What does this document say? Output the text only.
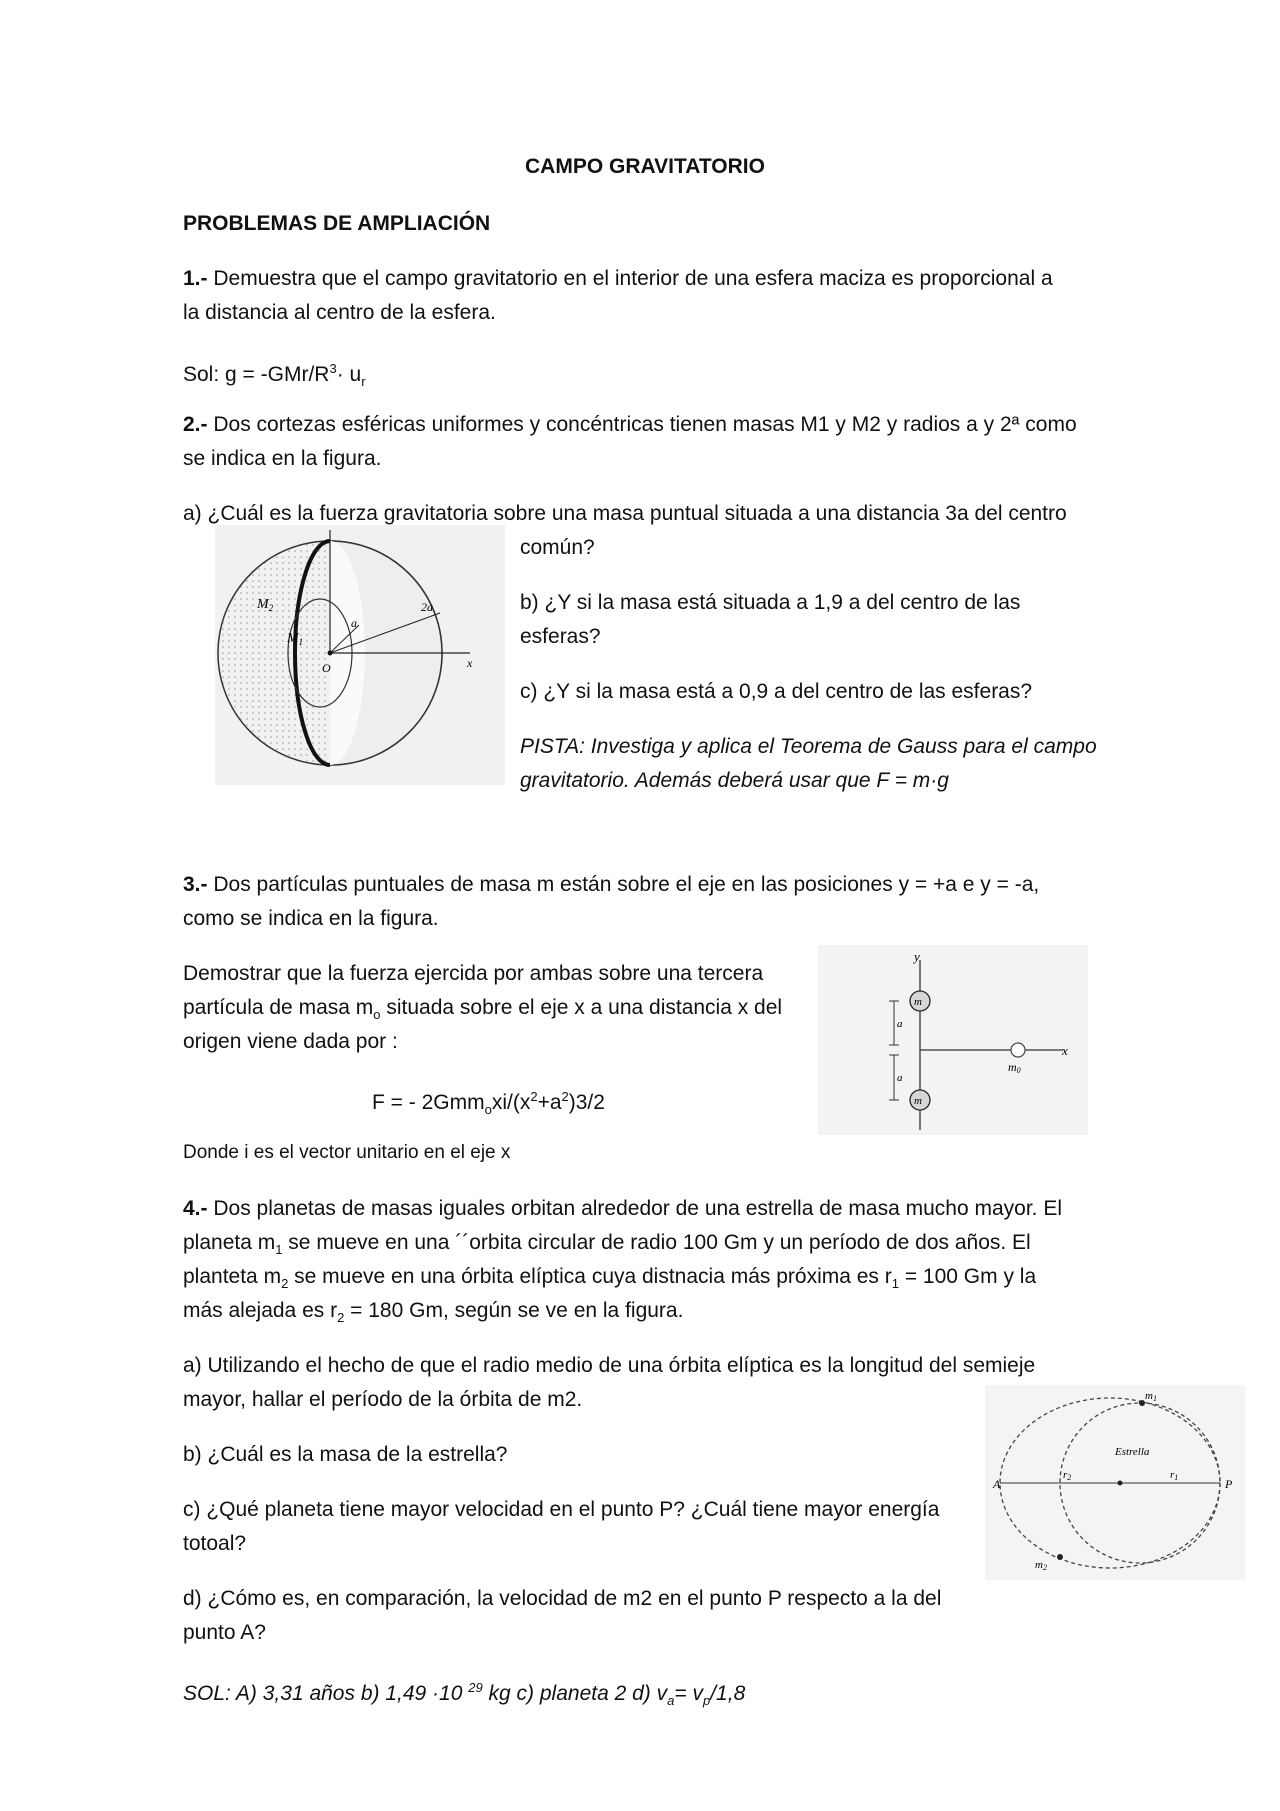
CAMPO GRAVITATORIO
PROBLEMAS DE AMPLIACIÓN
1.- Demuestra que el campo gravitatorio en el interior de una esfera maciza es proporcional a
la distancia al centro de la esfera.
Sol: $g = -GMr/R^3\cdot u_r$
2.- Dos cortezas esféricas uniformes y concéntricas tienen masas M1 y M2 y radios a y 2ª como
se indica en la figura.
a) ¿Cuál es la fuerza gravitatoria sobre una masa puntual situada a una distancia 3a del centro
común?
b) ¿Y si la masa está situada a 1,9 a del centro de las
esferas?
c) ¿Y si la masa está a 0,9 a del centro de las esferas?
PISTA: Investiga y aplica el Teorema de Gauss para el campo
gravitatorio. Además deberá usar que F = m·g
$M_2$
$M_1$
a
2a
O	x
3.- Dos partículas puntuales de masa m están sobre el eje en las posiciones y = +a e y = -a,
como se indica en la figura.
Demostrar que la fuerza ejercida por ambas sobre una tercera
partícula de masa $m_o$ situada sobre el eje x a una distancia x del
origen viene dada por :
F = - $2Gmm_oxi/(x^2+a^2)3/2$
Donde i es el vector unitario en el eje x
y
m
m
a
a
m0
x
4.- Dos planetas de masas iguales orbitan alrededor de una estrella de masa mucho mayor. El
planeta $m_1$ se mueve en una ´´orbita circular de radio 100 Gm y un período de dos años. El
planteta $m_2$ se mueve en una órbita elíptica cuya distnacia más próxima es $r_1 = 100$ Gm y la
más alejada es $r_2 = 180$ Gm, según se ve en la figura.
a) Utilizando el hecho de que el radio medio de una órbita elíptica es la longitud del semieje
mayor, hallar el período de la órbita de m2.
b) ¿Cuál es la masa de la estrella?
c) ¿Qué planeta tiene mayor velocidad en el punto P? ¿Cuál tiene mayor energía
totoal?
d) ¿Cómo es, en comparación, la velocidad de m2 en el punto P respecto a la del
punto A?
SOL: A) 3,31 años b) 1,49 ·10 $^{29}$ kg c) planeta 2 d) $v_a= v_p/1,8$
Estrella
A	P
r2	r1
m1
m2
